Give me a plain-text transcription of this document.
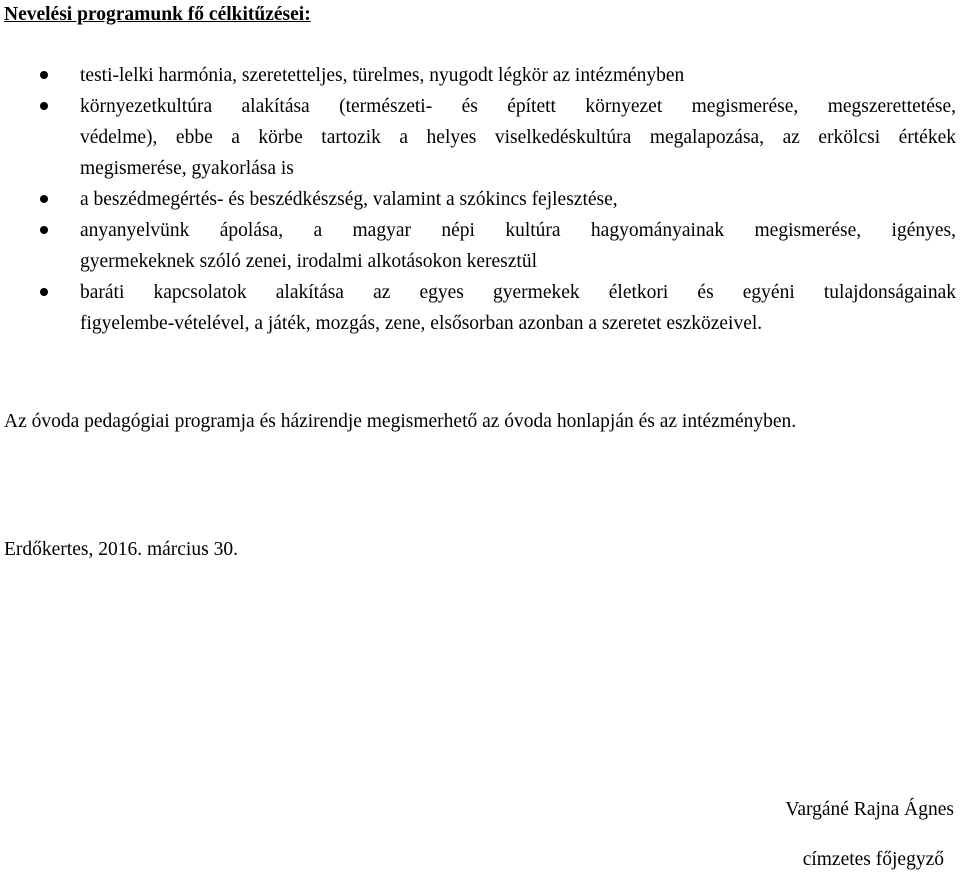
Nevelési programunk fő célkitűzései:
testi-lelki harmónia, szeretetteljes, türelmes, nyugodt légkör az intézményben
környezetkultúra alakítása (természeti- és épített környezet megismerése, megszerettetése,
védelme), ebbe a körbe tartozik a helyes viselkedéskultúra megalapozása, az erkölcsi értékek
megismerése, gyakorlása is
a beszédmegértés- és beszédkészség, valamint a szókincs fejlesztése,
anyanyelvünk ápolása, a magyar népi kultúra hagyományainak megismerése, igényes,
gyermekeknek szóló zenei, irodalmi alkotásokon keresztül
baráti kapcsolatok alakítása az egyes gyermekek életkori és egyéni tulajdonságainak
figyelembe-vételével, a játék, mozgás, zene, elsősorban azonban a szeretet eszközeivel.
Az óvoda pedagógiai programja és házirendje megismerhető az óvoda honlapján és az intézményben.
Erdőkertes, 2016. március 30.
Vargáné Rajna Ágnes
címzetes főjegyző
